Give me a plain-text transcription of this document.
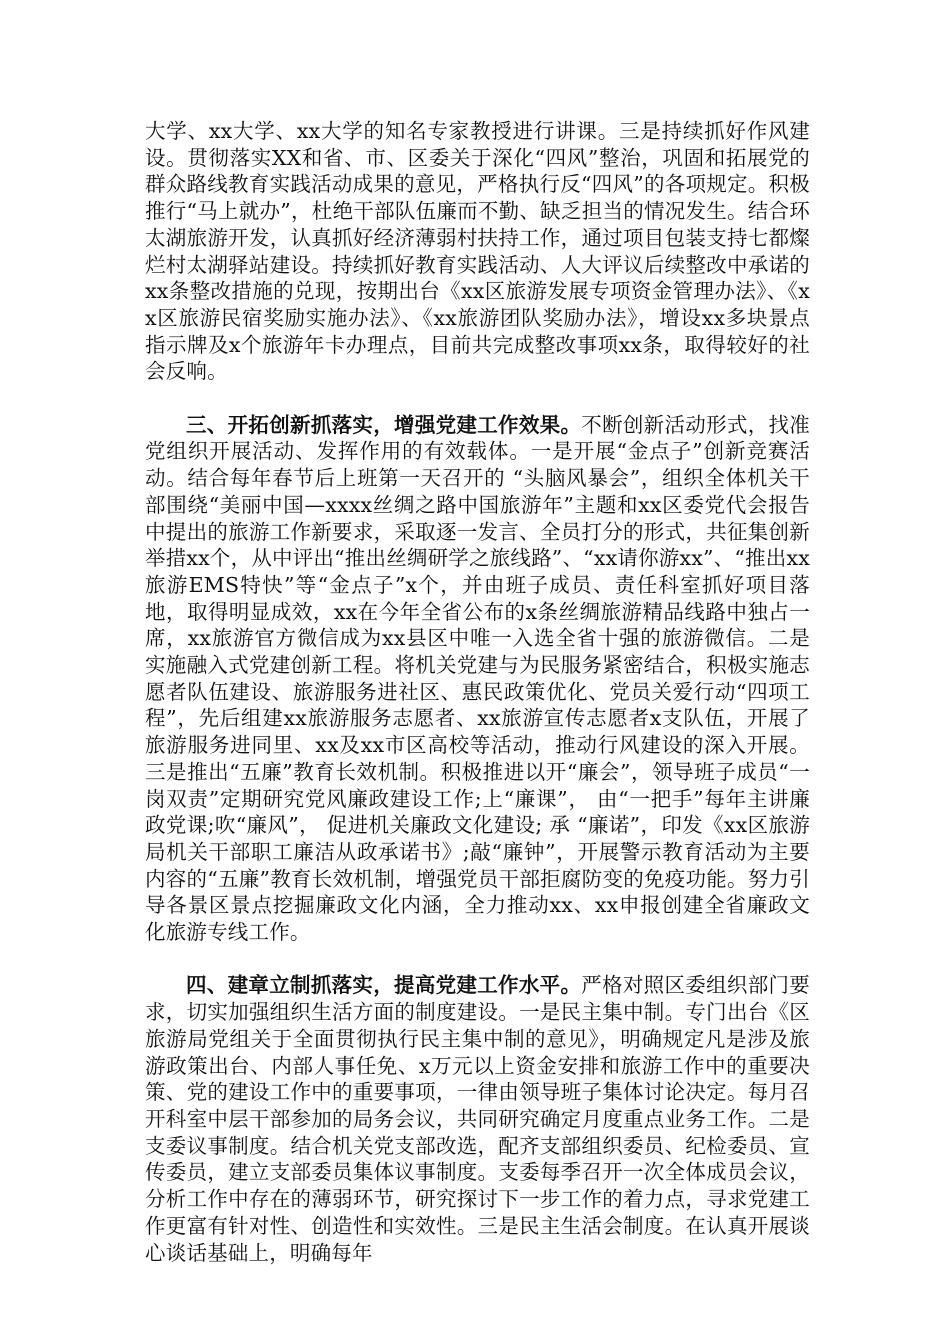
大学、xx大学、xx大学的知名专家教授进行讲课。三是持续抓好作风建设。贯彻落实XX和省、市、区委关于深化“四风”整治，巩固和拓展党的群众路线教育实践活动成果的意见，严格执行反“四风”的各项规定。积极推行“马上就办”，杜绝干部队伍廉而不勤、缺乏担当的情况发生。结合环太湖旅游开发，认真抓好经济薄弱村扶持工作，通过项目包装支持七都燦烂村太湖驿站建设。持续抓好教育实践活动、人大评议后续整改中承诺的xx条整改措施的兑现，按期出台《xx区旅游发展专项资金管理办法》、《xx区旅游民宿奖励实施办法》、《xx旅游团队奖励办法》，增设xx多块景点指示牌及x个旅游年卡办理点，目前共完成整改事项xx条，取得较好的社会反响。

三、开拓创新抓落实，增强党建工作效果。不断创新活动形式，找准党组织开展活动、发挥作用的有效载体。一是开展“金点子”创新竞赛活动。结合每年春节后上班第一天召开的 “头脑风暴会”，组织全体机关干部围绕“美丽中国—xxxx丝绸之路中国旅游年”主题和xx区委党代会报告中提出的旅游工作新要求，采取逐一发言、全员打分的形式，共征集创新举措xx个，从中评出“推出丝绸研学之旅线路”、“xx请你游xx”、“推出xx旅游EMS特快”等“金点子”x个，并由班子成员、责任科室抓好项目落地，取得明显成效，xx在今年全省公布的x条丝绸旅游精品线路中独占一席，xx旅游官方微信成为xx县区中唯一入选全省十强的旅游微信。二是实施融入式党建创新工程。将机关党建与为民服务紧密结合，积极实施志愿者队伍建设、旅游服务进社区、惠民政策优化、党员关爱行动“四项工程”，先后组建xx旅游服务志愿者、xx旅游宣传志愿者x支队伍，开展了旅游服务进同里、xx及xx市区高校等活动，推动行风建设的深入开展。三是推出“五廉”教育长效机制。积极推进以开“廉会”，领导班子成员“一岗双责”定期研究党风廉政建设工作;上“廉课”， 由“一把手”每年主讲廉政党课;吹“廉风”， 促进机关廉政文化建设; 承 “廉诺”，印发《xx区旅游局机关干部职工廉洁从政承诺书》;敲“廉钟”，开展警示教育活动为主要内容的“五廉”教育长效机制，增强党员干部拒腐防变的免疫功能。努力引导各景区景点挖掘廉政文化内涵，全力推动xx、xx申报创建全省廉政文化旅游专线工作。

四、建章立制抓落实，提高党建工作水平。严格对照区委组织部门要求，切实加强组织生活方面的制度建设。一是民主集中制。专门出台《区旅游局党组关于全面贯彻执行民主集中制的意见》，明确规定凡是涉及旅游政策出台、内部人事任免、x万元以上资金安排和旅游工作中的重要决策、党的建设工作中的重要事项，一律由领导班子集体讨论决定。每月召开科室中层干部参加的局务会议，共同研究确定月度重点业务工作。二是支委议事制度。结合机关党支部改选，配齐支部组织委员、纪检委员、宣传委员，建立支部委员集体议事制度。支委每季召开一次全体成员会议，分析工作中存在的薄弱环节，研究探讨下一步工作的着力点，寻求党建工作更富有针对性、创造性和实效性。三是民主生活会制度。在认真开展谈心谈话基础上，明确每年
